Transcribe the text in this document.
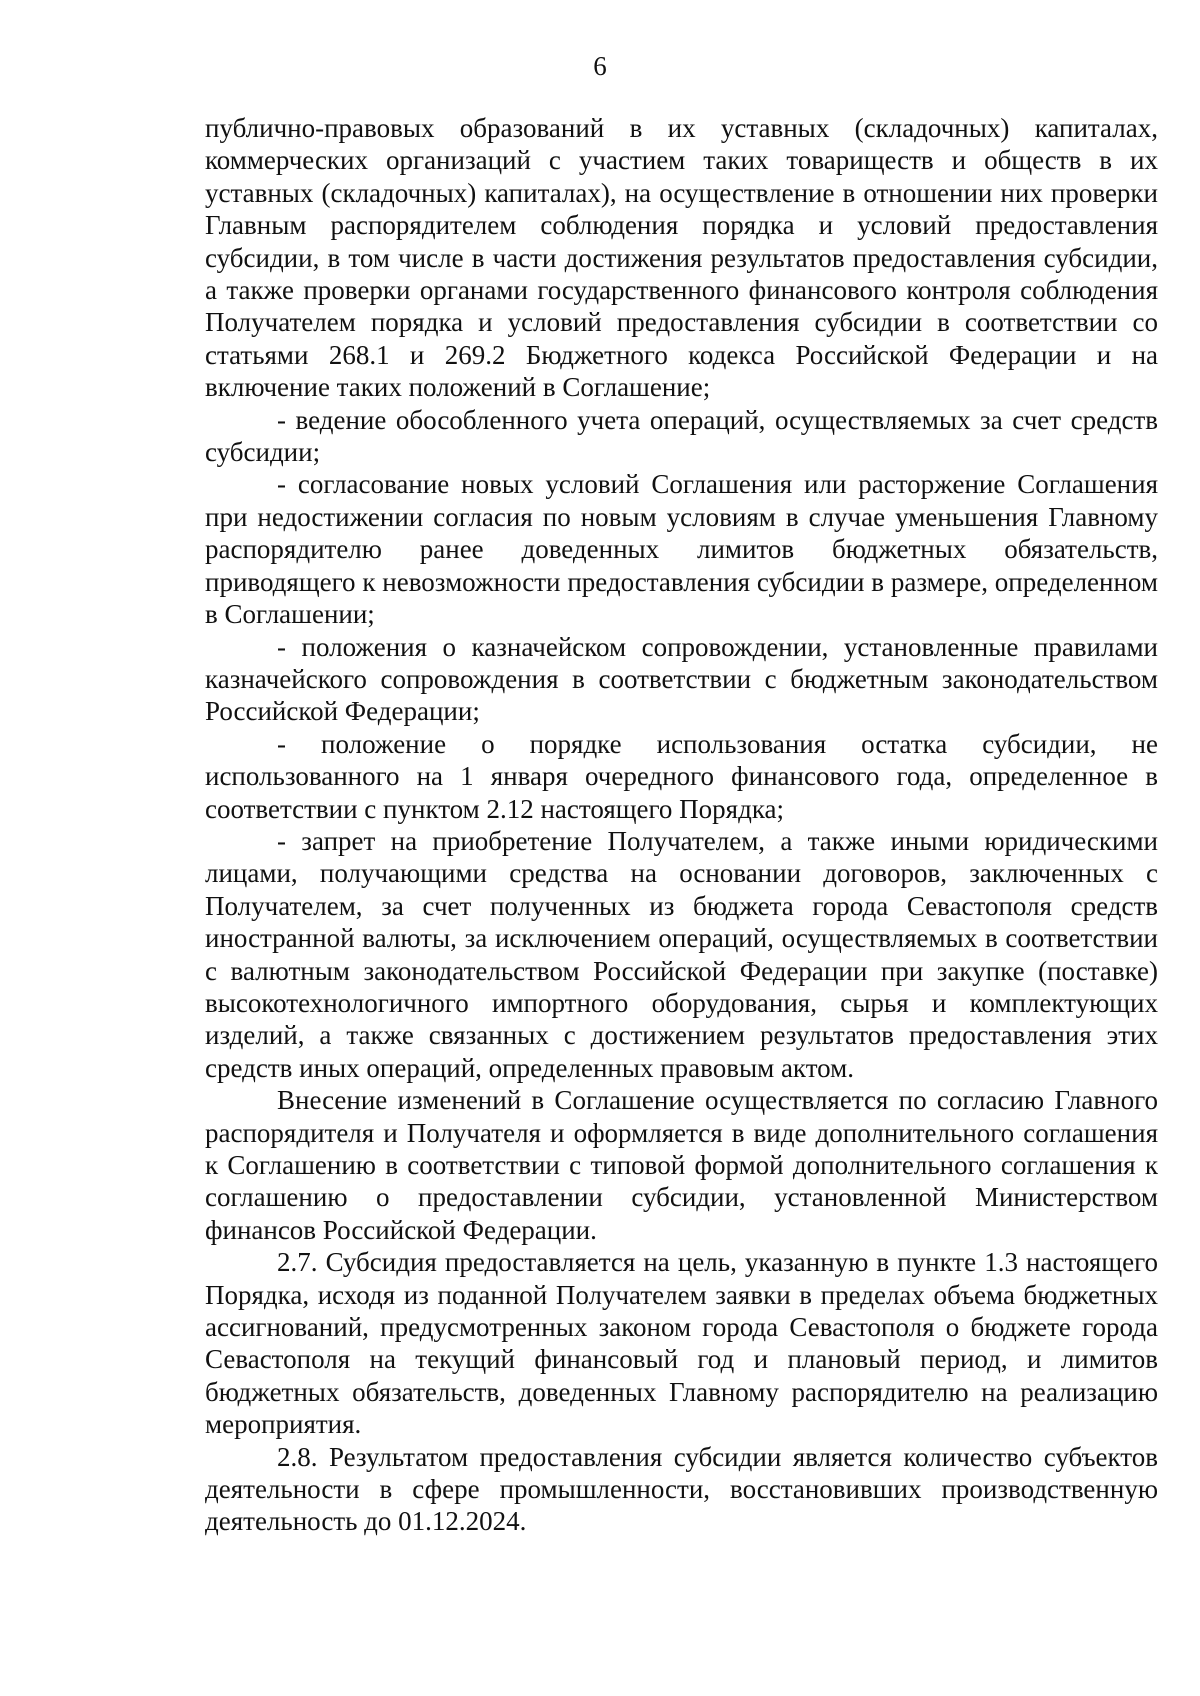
6

публично-правовых образований в их уставных (складочных) капиталах, коммерческих организаций с участием таких товариществ и обществ в их уставных (складочных) капиталах), на осуществление в отношении них проверки Главным распорядителем соблюдения порядка и условий предоставления субсидии, в том числе в части достижения результатов предоставления субсидии, а также проверки органами государственного финансового контроля соблюдения Получателем порядка и условий предоставления субсидии в соответствии со статьями 268.1 и 269.2 Бюджетного кодекса Российской Федерации и на включение таких положений в Соглашение;

- ведение обособленного учета операций, осуществляемых за счет средств субсидии;

- согласование новых условий Соглашения или расторжение Соглашения при недостижении согласия по новым условиям в случае уменьшения Главному распорядителю ранее доведенных лимитов бюджетных обязательств, приводящего к невозможности предоставления субсидии в размере, определенном в Соглашении;

- положения о казначейском сопровождении, установленные правилами казначейского сопровождения в соответствии с бюджетным законодательством Российской Федерации;

- положение о порядке использования остатка субсидии, не использованного на 1 января очередного финансового года, определенное в соответствии с пунктом 2.12 настоящего Порядка;

- запрет на приобретение Получателем, а также иными юридическими лицами, получающими средства на основании договоров, заключенных с Получателем, за счет полученных из бюджета города Севастополя средств иностранной валюты, за исключением операций, осуществляемых в соответствии с валютным законодательством Российской Федерации при закупке (поставке) высокотехнологичного импортного оборудования, сырья и комплектующих изделий, а также связанных с достижением результатов предоставления этих средств иных операций, определенных правовым актом.

Внесение изменений в Соглашение осуществляется по согласию Главного распорядителя и Получателя и оформляется в виде дополнительного соглашения к Соглашению в соответствии с типовой формой дополнительного соглашения к соглашению о предоставлении субсидии, установленной Министерством финансов Российской Федерации.

2.7. Субсидия предоставляется на цель, указанную в пункте 1.3 настоящего Порядка, исходя из поданной Получателем заявки в пределах объема бюджетных ассигнований, предусмотренных законом города Севастополя о бюджете города Севастополя на текущий финансовый год и плановый период, и лимитов бюджетных обязательств, доведенных Главному распорядителю на реализацию мероприятия.

2.8. Результатом предоставления субсидии является количество субъектов деятельности в сфере промышленности, восстановивших производственную деятельность до 01.12.2024.
